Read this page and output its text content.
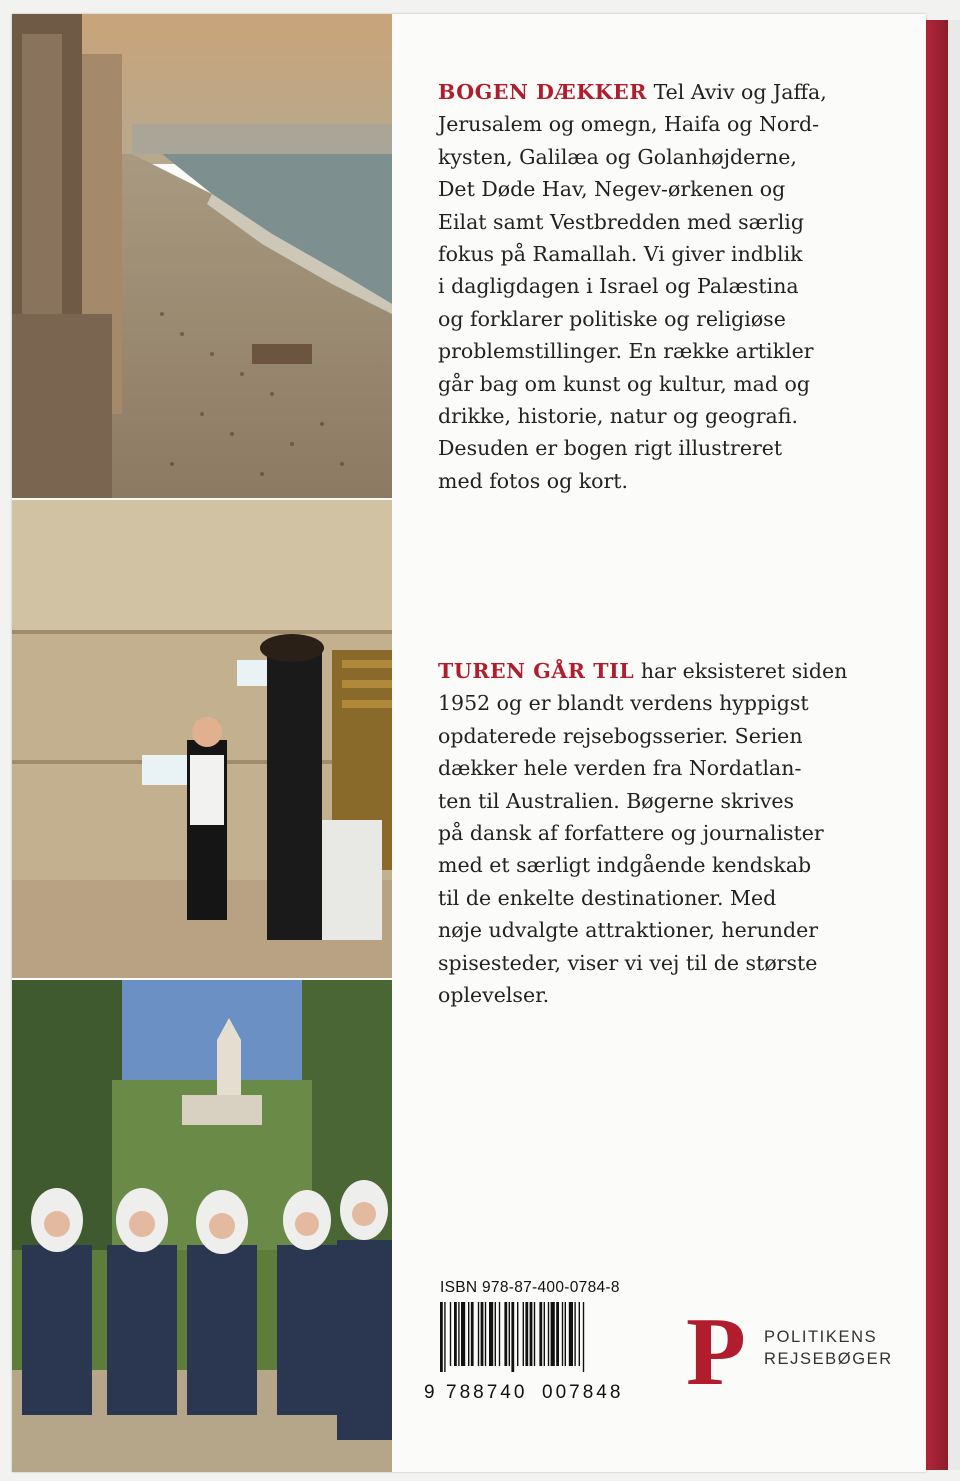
BOGEN DÆKKER Tel Aviv og Jaffa,
Jerusalem og omegn, Haifa og Nord-
kysten, Galilæa og Golanhøjderne,
Det Døde Hav, Negev-ørkenen og
Eilat samt Vestbredden med særlig
fokus på Ramallah. Vi giver indblik
i dagligdagen i Israel og Palæstina
og forklarer politiske og religiøse
problemstillinger. En række artikler
går bag om kunst og kultur, mad og
drikke, historie, natur og geografi.
Desuden er bogen rigt illustreret
med fotos og kort.
TUREN GÅR TIL har eksisteret siden
1952 og er blandt verdens hyppigst
opdaterede rejsebogsserier. Serien
dækker hele verden fra Nordatlan-
ten til Australien. Bøgerne skrives
på dansk af forfattere og journalister
med et særligt indgående kendskab
til de enkelte destinationer. Med
nøje udvalgte attraktioner, herunder
spisesteder, viser vi vej til de største
oplevelser.
ISBN 978-87-400-0784-8
9 788740 007848 P POLITIKENS
REJSEBØGER
